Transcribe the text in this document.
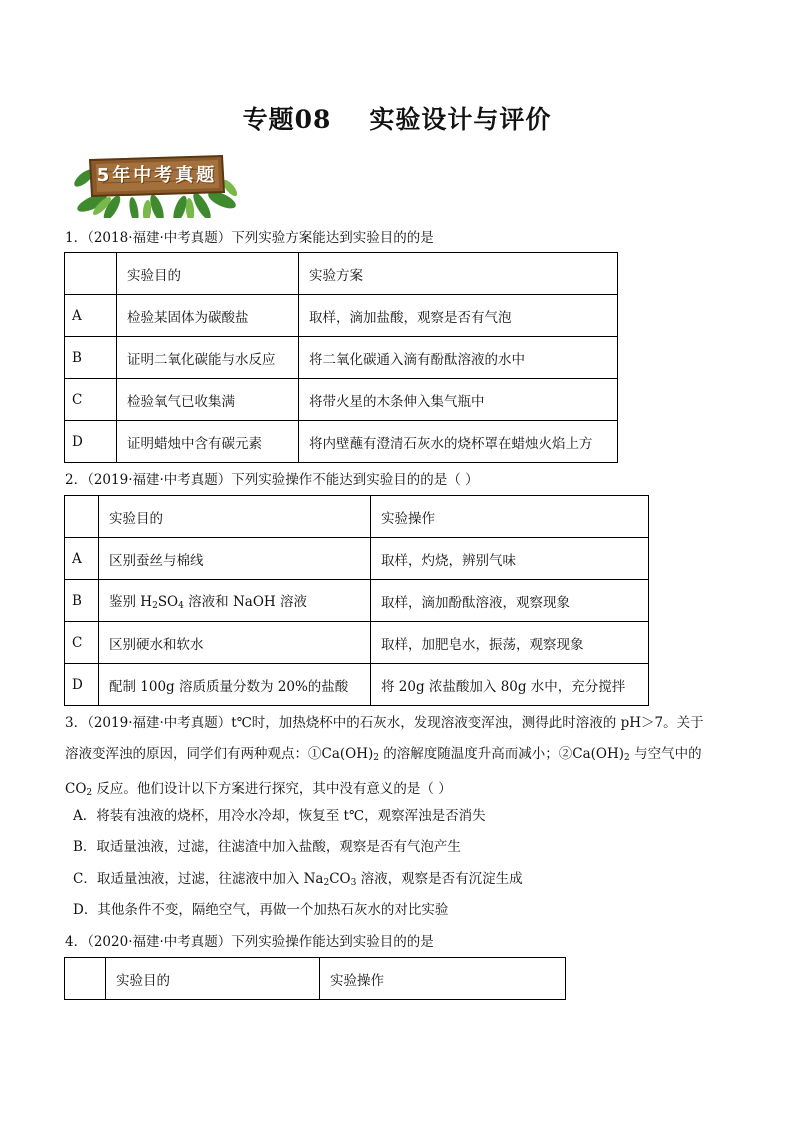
专题08 实验设计与评价
5年中考真题
1．（2018·福建·中考真题）下列实验方案能达到实验目的的是
	实验目的	实验方案
A	检验某固体为碳酸盐	取样，滴加盐酸，观察是否有气泡
B	证明二氧化碳能与水反应	将二氧化碳通入滴有酚酞溶液的水中
C	检验氧气已收集满	将带火星的木条伸入集气瓶中
D	证明蜡烛中含有碳元素	将内壁蘸有澄清石灰水的烧杯罩在蜡烛火焰上方
2．（2019·福建·中考真题）下列实验操作不能达到实验目的的是（ ）
	实验目的	实验操作
A	区别蚕丝与棉线	取样，灼烧，辨别气味
B	鉴别 $H_2SO_4$ 溶液和 NaOH 溶液	取样，滴加酚酞溶液，观察现象
C	区别硬水和软水	取样，加肥皂水，振荡，观察现象
D	配制 100g 溶质质量分数为 20%的盐酸	将 20g 浓盐酸加入 80g 水中，充分搅拌
3．（2019·福建·中考真题）t℃时，加热烧杯中的石灰水，发现溶液变浑浊，测得此时溶液的 pH＞7。关于
溶液变浑浊的原因，同学们有两种观点：$①Ca(OH)_2$ 的溶解度随温度升高而减小；$②Ca(OH)_2$ 与空气中的
$CO_2$ 反应。他们设计以下方案进行探究，其中没有意义的是（ ）
A．将装有浊液的烧杯，用冷水冷却，恢复至 t℃，观察浑浊是否消失
B．取适量浊液，过滤，往滤渣中加入盐酸，观察是否有气泡产生
C．取适量浊液，过滤，往滤液中加入 $Na_2CO_3$ 溶液，观察是否有沉淀生成
D．其他条件不变，隔绝空气，再做一个加热石灰水的对比实验
4．（2020·福建·中考真题）下列实验操作能达到实验目的的是
	实验目的	实验操作
